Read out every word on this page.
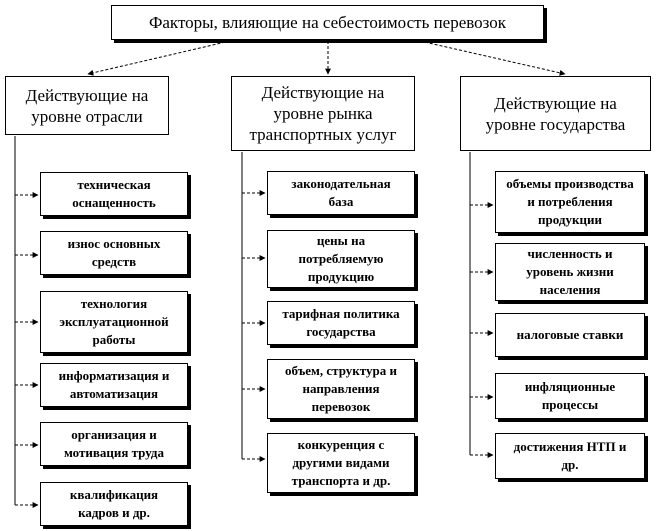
Факторы, влияющие на себестоимость перевозок
Действующие на
уровне отрасли
Действующие на
уровне рынка
транспортных услуг
Действующие на
уровне государства
техническая
оснащенность
износ основных
средств
технология
эксплуатационной
работы
информатизация и
автоматизация
организация и
мотивация труда
квалификация
кадров и др.
законодательная
база
цены на
потребляемую
продукцию
тарифная политика
государства
объем, структура и
направления
перевозок
конкуренция с
другими видами
транспорта и др.
объемы производства
и потребления
продукции
численность и
уровень жизни
населения
налоговые ставки
инфляционные
процессы
достижения НТП и
др.
